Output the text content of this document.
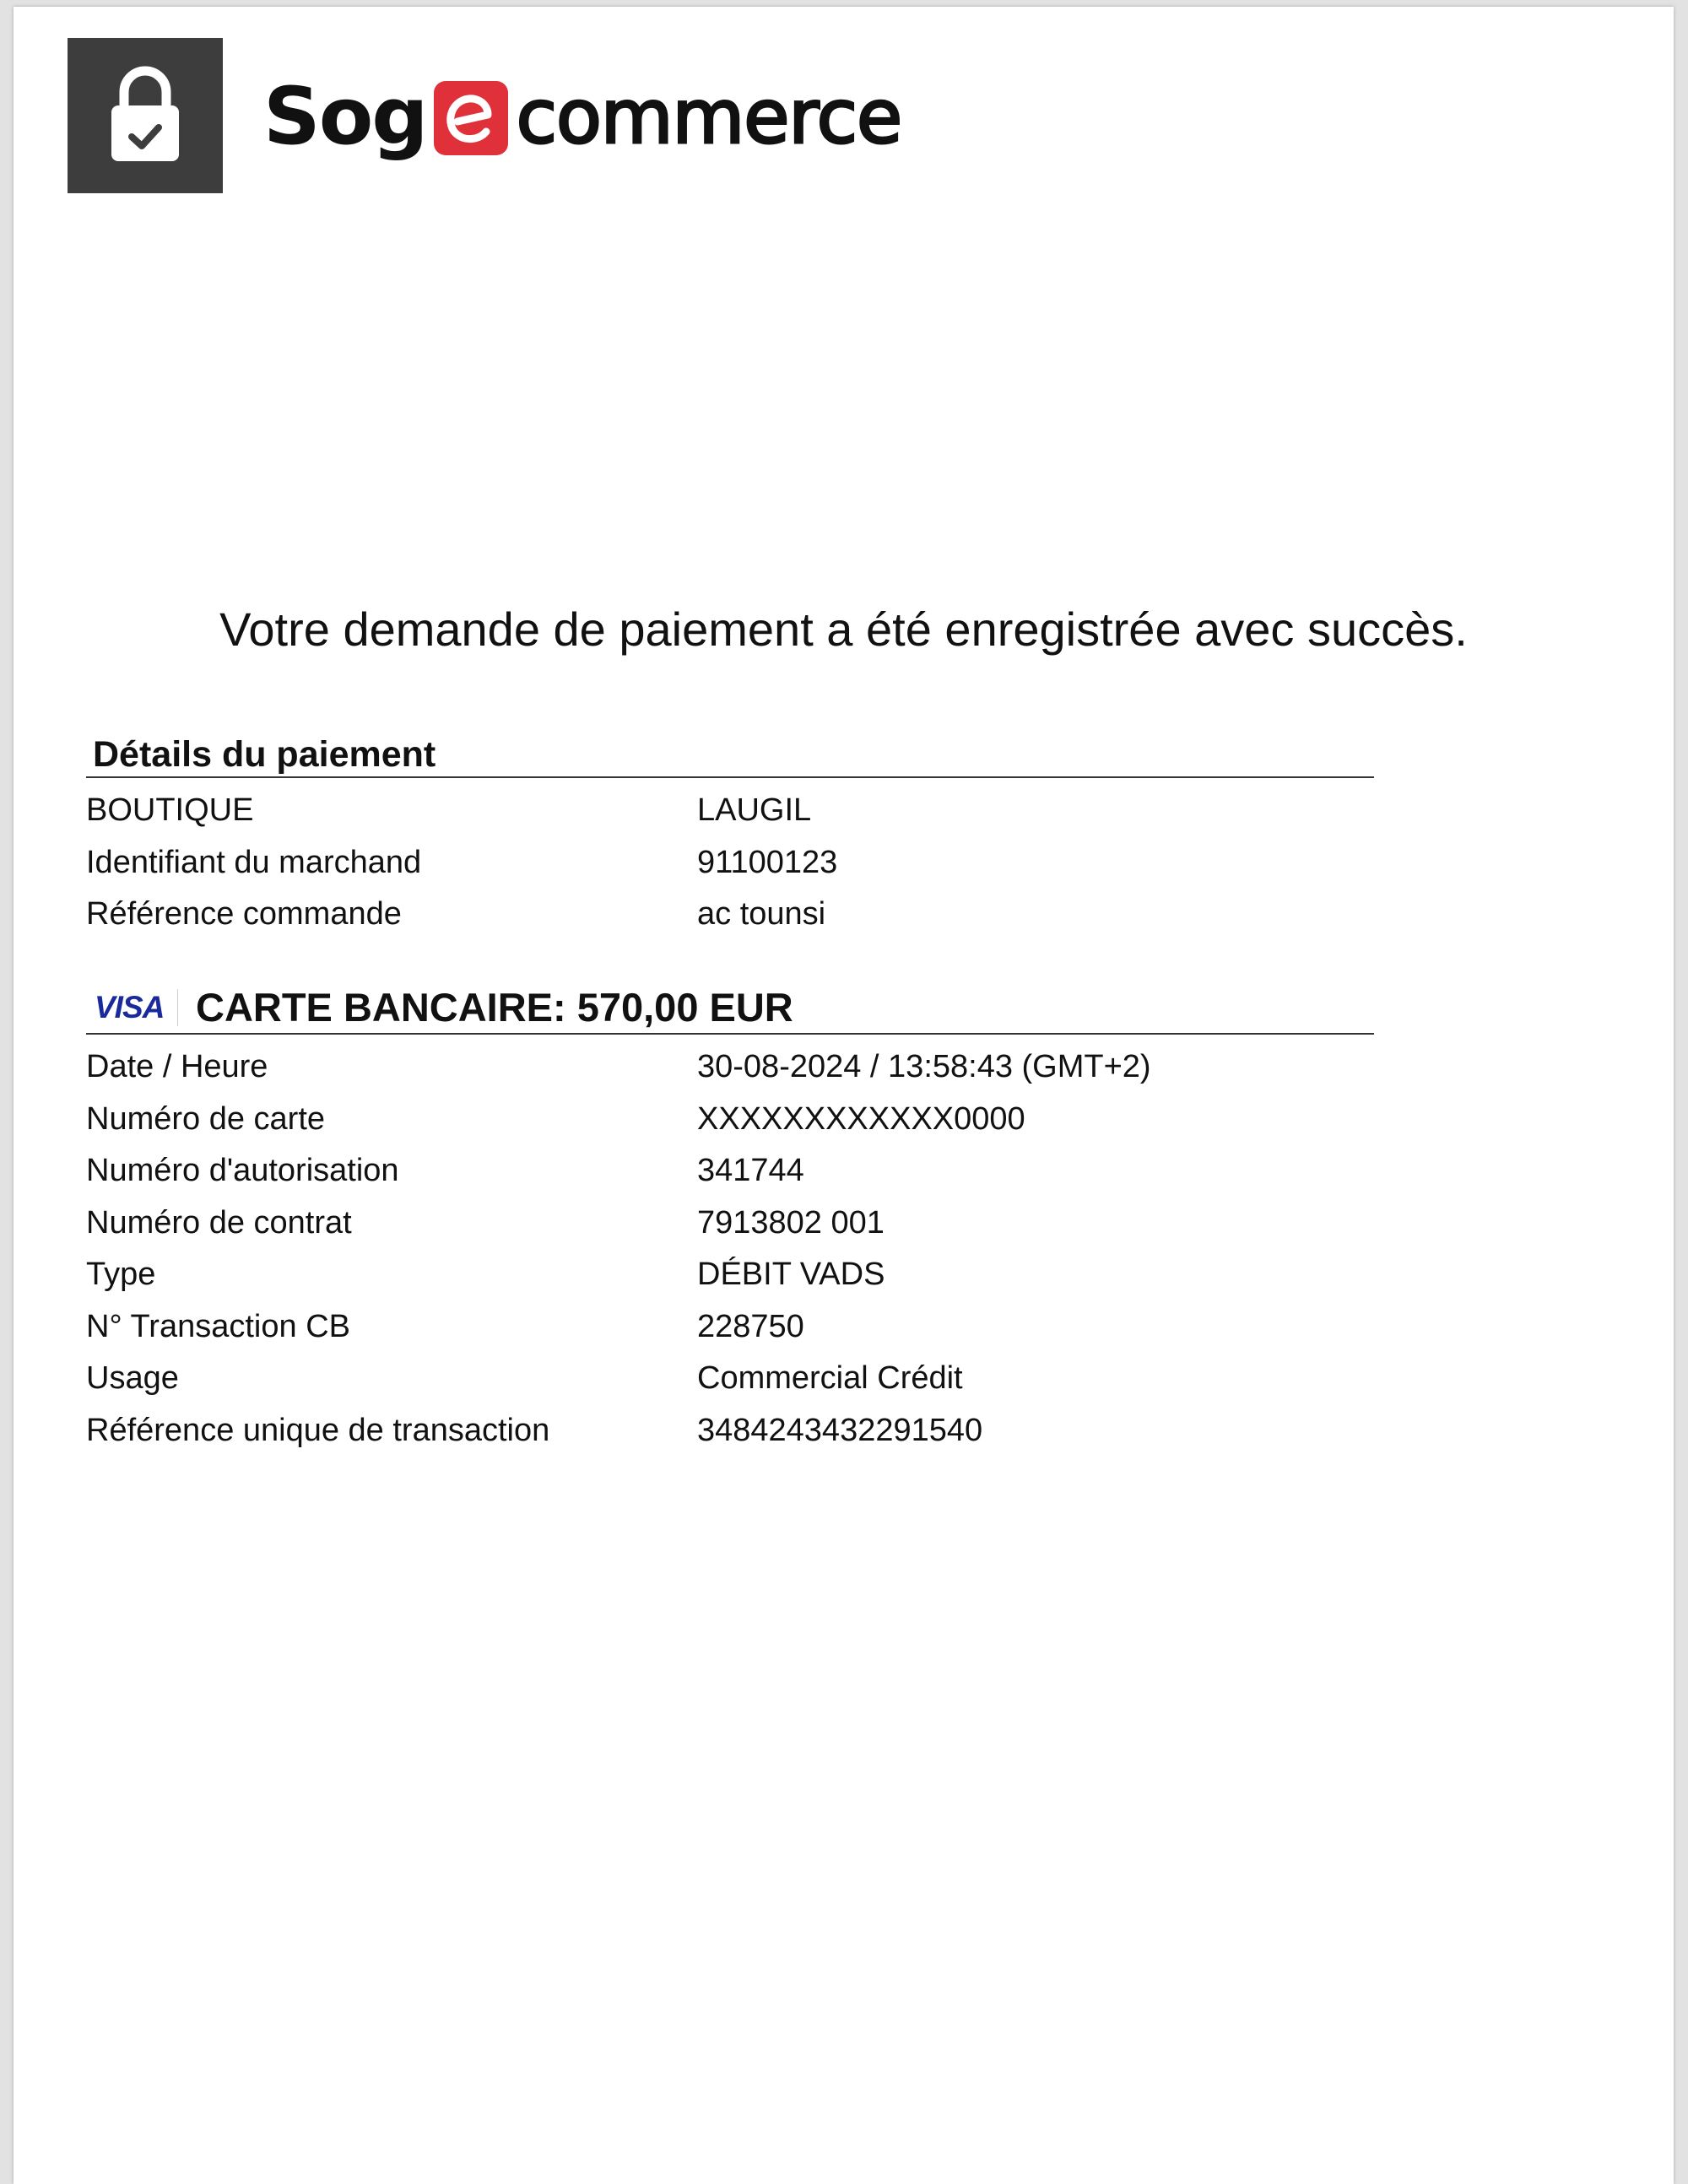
Sog commerce
Votre demande de paiement a été enregistrée avec succès.
Détails du paiement
BOUTIQUE	LAUGIL
Identifiant du marchand	91100123
Référence commande	ac tounsi
VISA CARTE BANCAIRE: 570,00 EUR
Date / Heure	30-08-2024 / 13:58:43 (GMT+2)
Numéro de carte	XXXXXXXXXXXX0000
Numéro d'autorisation	341744
Numéro de contrat	7913802 001
Type	DÉBIT VADS
N° Transaction CB	228750
Usage	Commercial Crédit
Référence unique de transaction	3484243432291540
